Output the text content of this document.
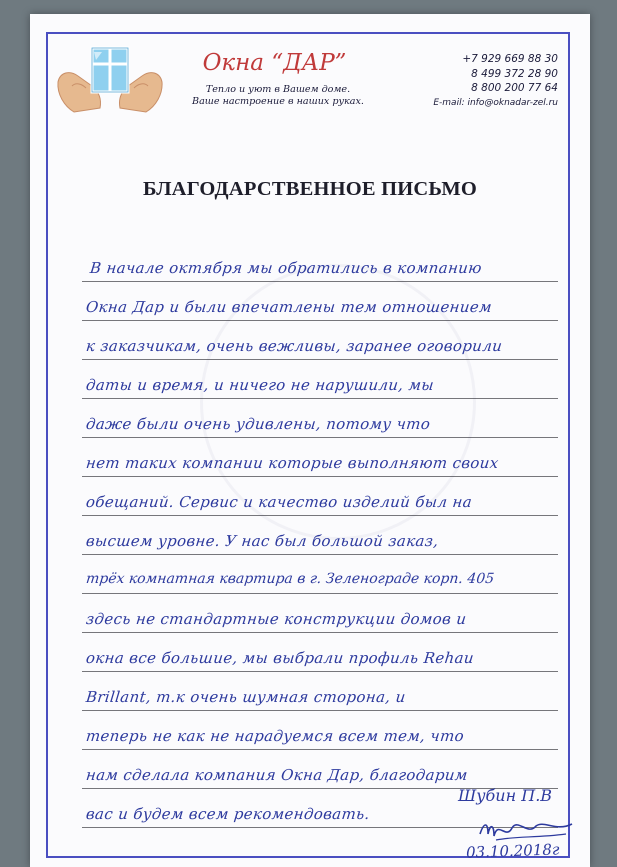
Окна “ДАР”
Тепло и уют в Вашем доме.
Ваше настроение в наших руках.
+7 929 669 88 30
8 499 372 28 90
8 800 200 77 64
E-mail: info@oknadar-zel.ru
БЛАГОДАРСТВЕННОЕ ПИСЬМО
В начале октября мы обратились в компанию
Окна Дар и были впечатлены тем отношением
к заказчикам, очень вежливы, заранее оговорили
даты и время, и ничего не нарушили, мы
даже были очень удивлены, потому что
нет таких компании которые выполняют своих
обещаний. Сервис и качество изделий был на
высшем уровне. У нас был большой заказ,
трёх комнатная квартира в г. Зеленограде корп. 405
здесь не стандартные конструкции домов и
окна все большие, мы выбрали профиль Rehau
Brillant, т.к очень шумная сторона, и
теперь не как не нарадуемся всем тем, что
нам сделала компания Окна Дар, благодарим
вас и будем всем рекомендовать.
Шубин П.В
03.10.2018г
